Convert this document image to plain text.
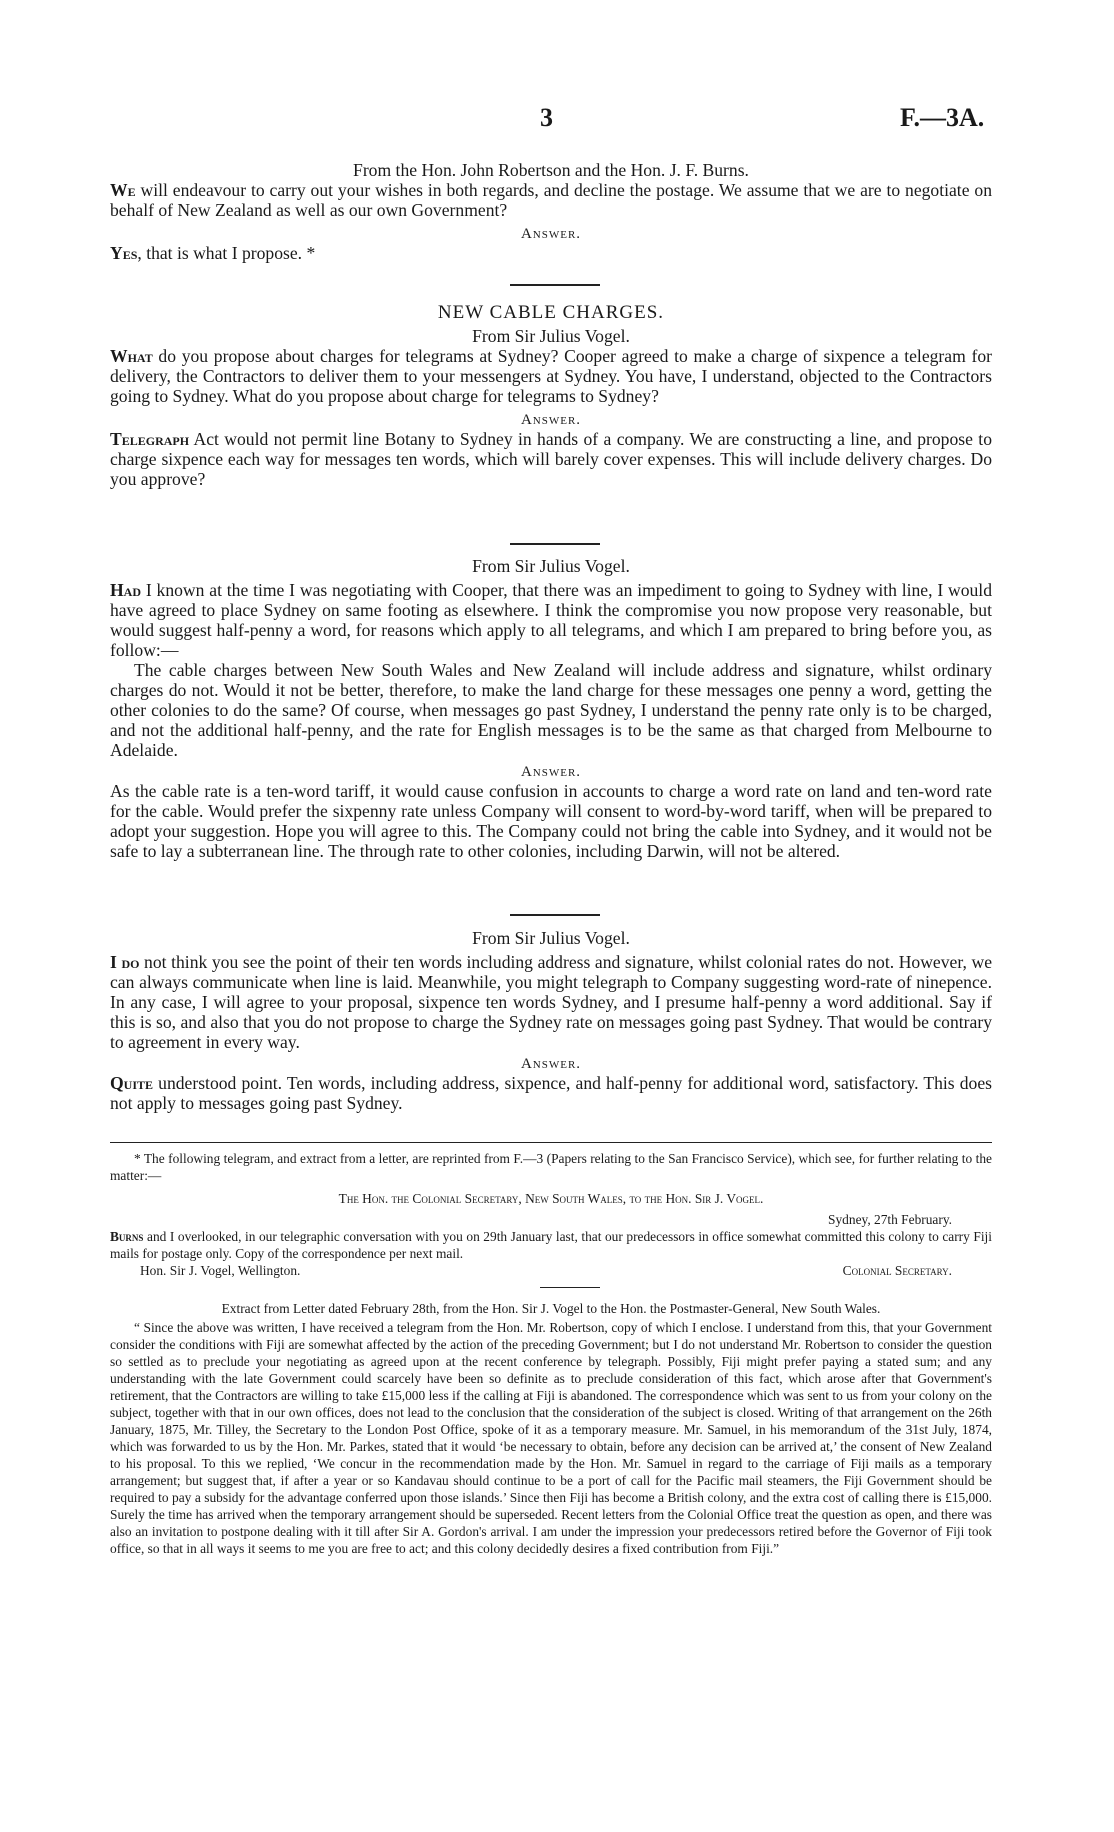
3	F.—3A.

From the Hon. John Robertson and the Hon. J. F. Burns.

We will endeavour to carry out your wishes in both regards, and decline the postage. We assume that we are to negotiate on behalf of New Zealand as well as our own Government?

Answer.

Yes, that is what I propose. *

NEW CABLE CHARGES.

From Sir Julius Vogel.

What do you propose about charges for telegrams at Sydney? Cooper agreed to make a charge of sixpence a telegram for delivery, the Contractors to deliver them to your messengers at Sydney. You have, I understand, objected to the Contractors going to Sydney. What do you propose about charge for telegrams to Sydney?

Answer.

Telegraph Act would not permit line Botany to Sydney in hands of a company. We are constructing a line, and propose to charge sixpence each way for messages ten words, which will barely cover expenses. This will include delivery charges. Do you approve?

From Sir Julius Vogel.

Had I known at the time I was negotiating with Cooper, that there was an impediment to going to Sydney with line, I would have agreed to place Sydney on same footing as elsewhere. I think the compromise you now propose very reasonable, but would suggest half-penny a word, for reasons which apply to all telegrams, and which I am prepared to bring before you, as follow:—

The cable charges between New South Wales and New Zealand will include address and signature, whilst ordinary charges do not. Would it not be better, therefore, to make the land charge for these messages one penny a word, getting the other colonies to do the same? Of course, when messages go past Sydney, I understand the penny rate only is to be charged, and not the additional half-penny, and the rate for English messages is to be the same as that charged from Melbourne to Adelaide.

Answer.

As the cable rate is a ten-word tariff, it would cause confusion in accounts to charge a word rate on land and ten-word rate for the cable. Would prefer the sixpenny rate unless Company will consent to word-by-word tariff, when will be prepared to adopt your suggestion. Hope you will agree to this. The Company could not bring the cable into Sydney, and it would not be safe to lay a subterranean line. The through rate to other colonies, including Darwin, will not be altered.

From Sir Julius Vogel.

I do not think you see the point of their ten words including address and signature, whilst colonial rates do not. However, we can always communicate when line is laid. Meanwhile, you might telegraph to Company suggesting word-rate of ninepence. In any case, I will agree to your proposal, sixpence ten words Sydney, and I presume half-penny a word additional. Say if this is so, and also that you do not propose to charge the Sydney rate on messages going past Sydney. That would be contrary to agreement in every way.

Answer.

Quite understood point. Ten words, including address, sixpence, and half-penny for additional word, satisfactory. This does not apply to messages going past Sydney.

* The following telegram, and extract from a letter, are reprinted from F.—3 (Papers relating to the San Francisco Service), which see, for further relating to the matter:—

The Hon. the Colonial Secretary, New South Wales, to the Hon. Sir J. Vogel.

Sydney, 27th February.

Burns and I overlooked, in our telegraphic conversation with you on 29th January last, that our predecessors in office somewhat committed this colony to carry Fiji mails for postage only. Copy of the correspondence per next mail.

Hon. Sir J. Vogel, Wellington.	Colonial Secretary.

Extract from Letter dated February 28th, from the Hon. Sir J. Vogel to the Hon. the Postmaster-General, New South Wales.

“ Since the above was written, I have received a telegram from the Hon. Mr. Robertson, copy of which I enclose. I understand from this, that your Government consider the conditions with Fiji are somewhat affected by the action of the preceding Government; but I do not understand Mr. Robertson to consider the question so settled as to preclude your negotiating as agreed upon at the recent conference by telegraph. Possibly, Fiji might prefer paying a stated sum; and any understanding with the late Government could scarcely have been so definite as to preclude consideration of this fact, which arose after that Government's retirement, that the Contractors are willing to take £15,000 less if the calling at Fiji is abandoned. The correspondence which was sent to us from your colony on the subject, together with that in our own offices, does not lead to the conclusion that the consideration of the subject is closed. Writing of that arrangement on the 26th January, 1875, Mr. Tilley, the Secretary to the London Post Office, spoke of it as a temporary measure. Mr. Samuel, in his memorandum of the 31st July, 1874, which was forwarded to us by the Hon. Mr. Parkes, stated that it would ‘be necessary to obtain, before any decision can be arrived at,’ the consent of New Zealand to his proposal. To this we replied, ‘We concur in the recommendation made by the Hon. Mr. Samuel in regard to the carriage of Fiji mails as a temporary arrangement; but suggest that, if after a year or so Kandavau should continue to be a port of call for the Pacific mail steamers, the Fiji Government should be required to pay a subsidy for the advantage conferred upon those islands.’ Since then Fiji has become a British colony, and the extra cost of calling there is £15,000. Surely the time has arrived when the temporary arrangement should be superseded. Recent letters from the Colonial Office treat the question as open, and there was also an invitation to postpone dealing with it till after Sir A. Gordon's arrival. I am under the impression your predecessors retired before the Governor of Fiji took office, so that in all ways it seems to me you are free to act; and this colony decidedly desires a fixed contribution from Fiji.”
